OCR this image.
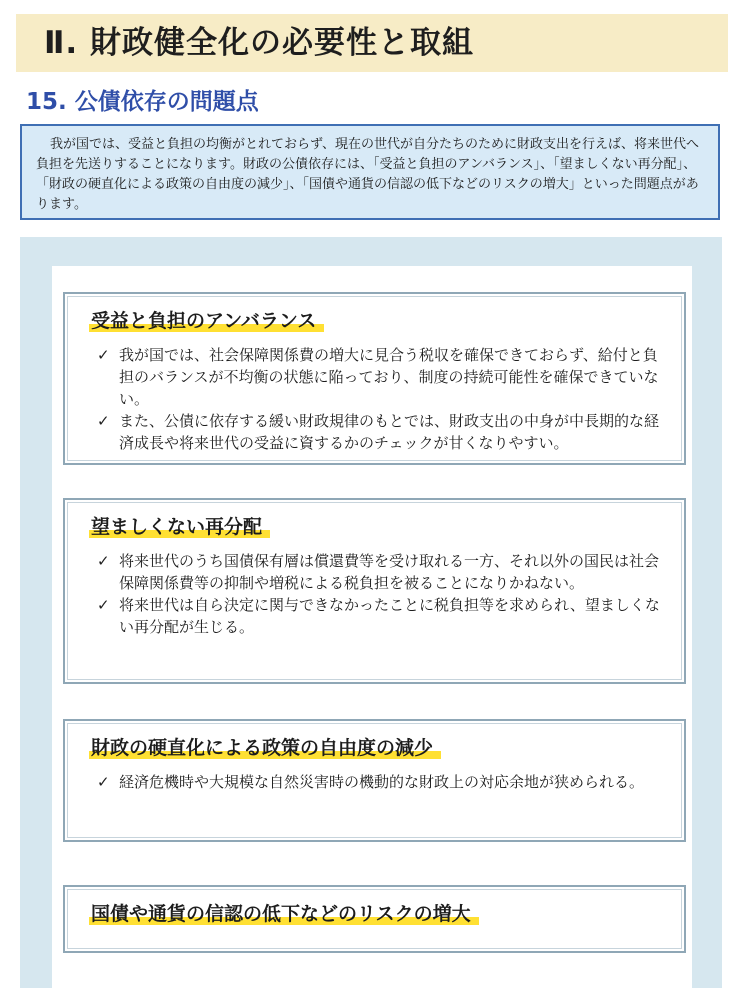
Ⅱ. 財政健全化の必要性と取組
15. 公債依存の問題点

我が国では、受益と負担の均衡がとれておらず、現在の世代が自分たちのために財政支出を行えば、将来世代へ負担を先送りすることになります。財政の公債依存には、「受益と負担のアンバランス」、「望ましくない再分配」、「財政の硬直化による政策の自由度の減少」、「国債や通貨の信認の低下などのリスクの増大」といった問題点があります。

受益と負担のアンバランス
✓ 我が国では、社会保障関係費の増大に見合う税収を確保できておらず、給付と負担のバランスが不均衡の状態に陥っており、制度の持続可能性を確保できていない。
✓ また、公債に依存する緩い財政規律のもとでは、財政支出の中身が中長期的な経済成長や将来世代の受益に資するかのチェックが甘くなりやすい。
望ましくない再分配
✓ 将来世代のうち国債保有層は償還費等を受け取れる一方、それ以外の国民は社会保障関係費等の抑制や増税による税負担を被ることになりかねない。
✓ 将来世代は自ら決定に関与できなかったことに税負担等を求められ、望ましくない再分配が生じる。
財政の硬直化による政策の自由度の減少
✓ 経済危機時や大規模な自然災害時の機動的な財政上の対応余地が狭められる。
国債や通貨の信認の低下などのリスクの増大
